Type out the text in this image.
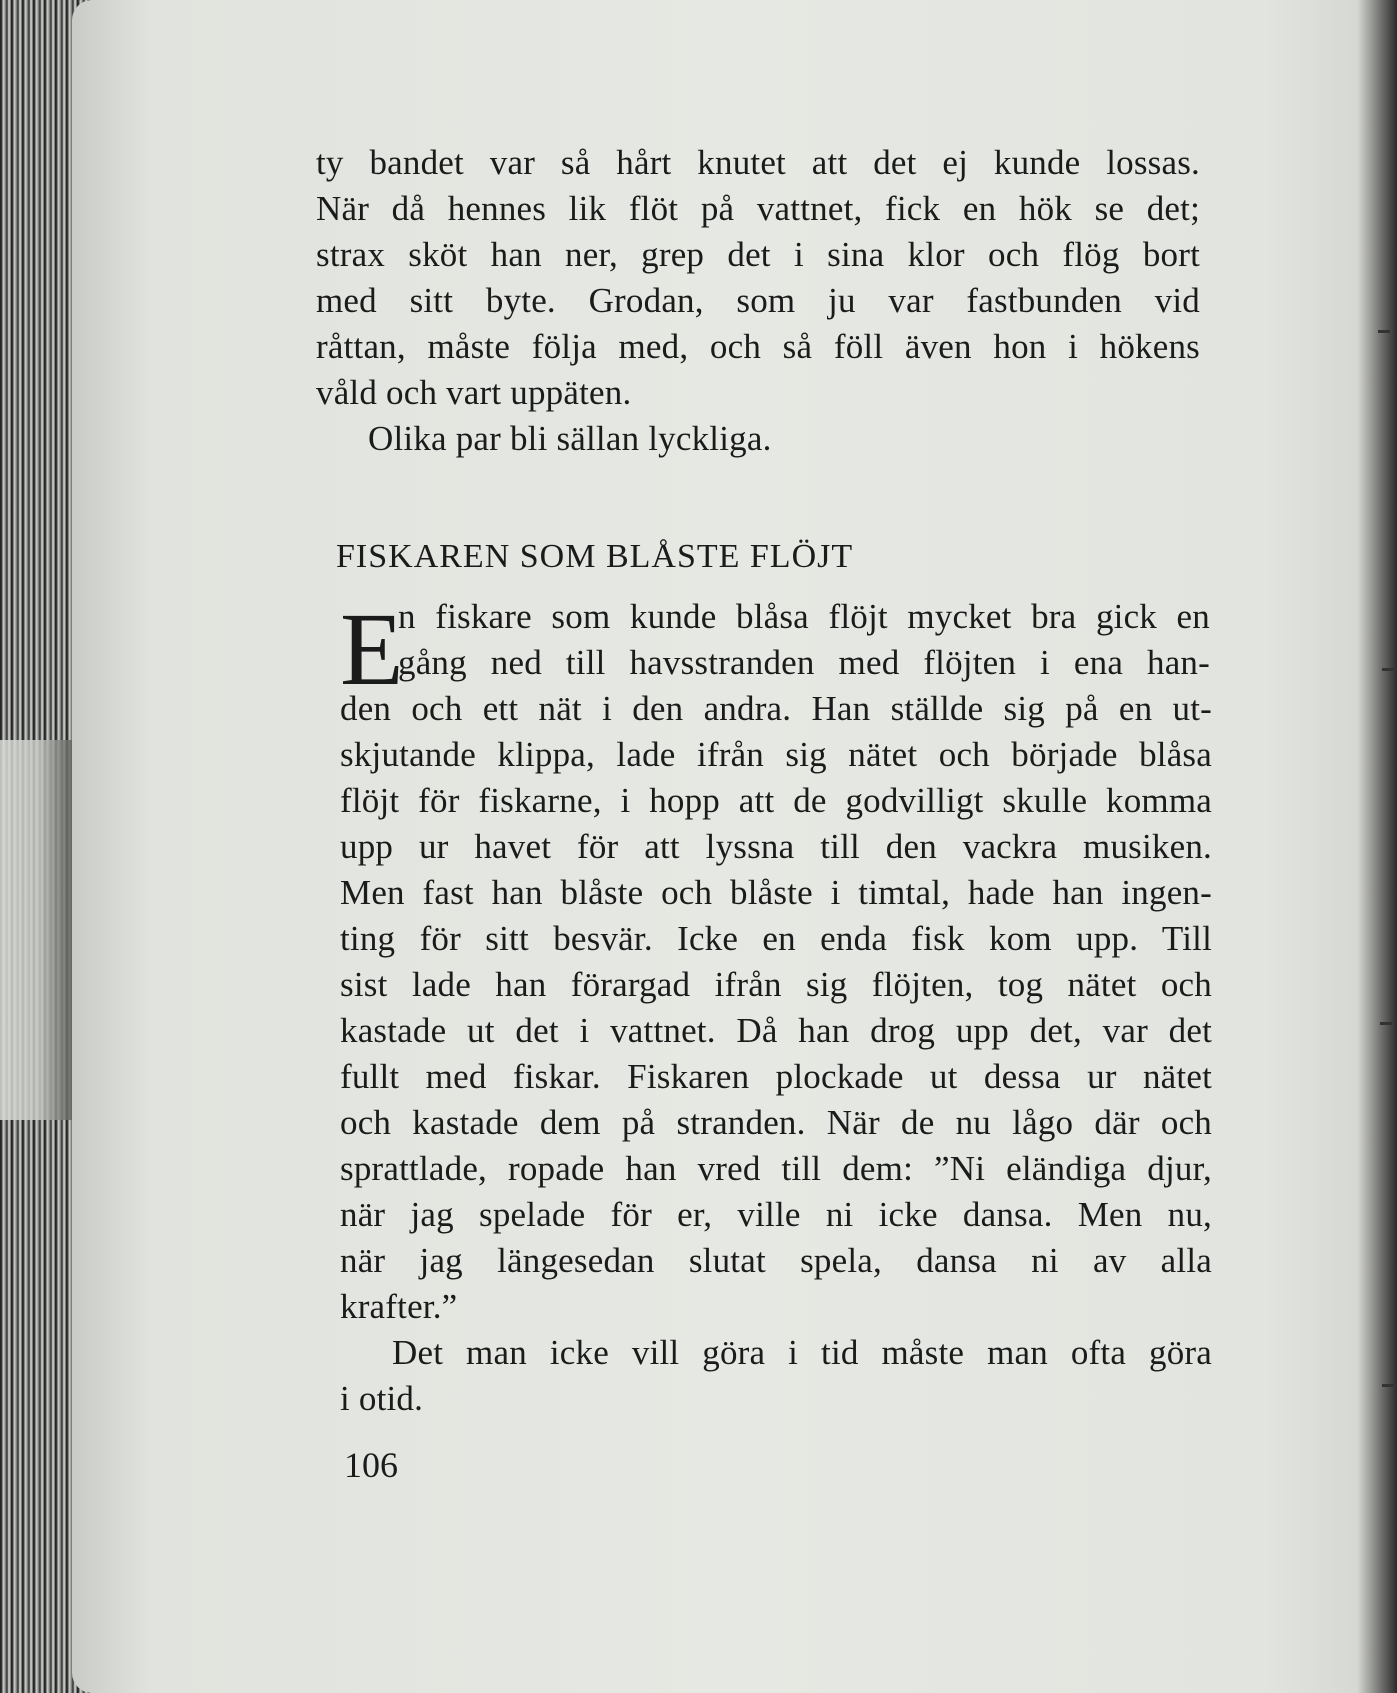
ty bandet var så hårt knutet att det ej kunde lossas.
När då hennes lik flöt på vattnet, fick en hök se det;
strax sköt han ner, grep det i sina klor och flög bort
med sitt byte. Grodan, som ju var fastbunden vid
råttan, måste följa med, och så föll även hon i hökens
våld och vart uppäten.
Olika par bli sällan lyckliga.
FISKAREN SOM BLÅSTE FLÖJT
E
n fiskare som kunde blåsa flöjt mycket bra gick en
gång ned till havsstranden med flöjten i ena han-
den och ett nät i den andra. Han ställde sig på en ut-
skjutande klippa, lade ifrån sig nätet och började blåsa
flöjt för fiskarne, i hopp att de godvilligt skulle komma
upp ur havet för att lyssna till den vackra musiken.
Men fast han blåste och blåste i timtal, hade han ingen-
ting för sitt besvär. Icke en enda fisk kom upp. Till
sist lade han förargad ifrån sig flöjten, tog nätet och
kastade ut det i vattnet. Då han drog upp det, var det
fullt med fiskar. Fiskaren plockade ut dessa ur nätet
och kastade dem på stranden. När de nu lågo där och
sprattlade, ropade han vred till dem: ”Ni eländiga djur,
när jag spelade för er, ville ni icke dansa. Men nu,
när jag längesedan slutat spela, dansa ni av alla
krafter.”
Det man icke vill göra i tid måste man ofta göra
i otid.
106
